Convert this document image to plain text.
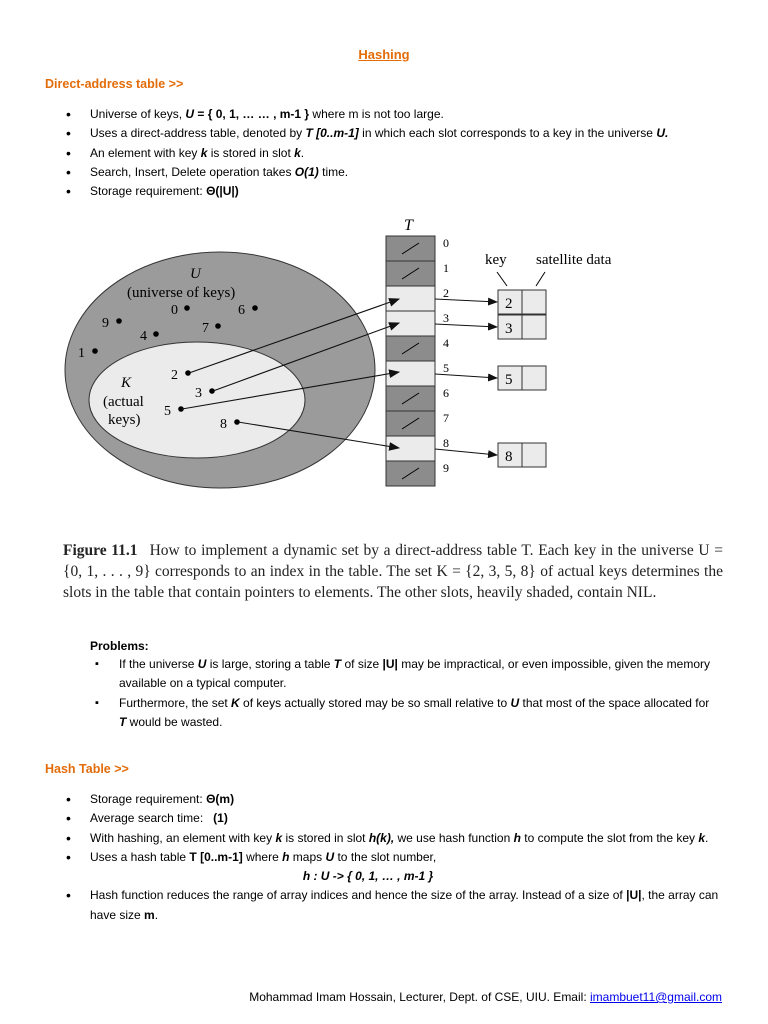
Hashing
Direct-address table >>
• Universe of keys, U = { 0, 1, … … , m-1 } where m is not too large.
• Uses a direct-address table, denoted by T [0..m-1] in which each slot corresponds to a key in the universe U.
• An element with key k is stored in slot k.
• Search, Insert, Delete operation takes O(1) time.
• Storage requirement: Θ(|U|)
U
(universe of keys)
K
(actual
keys)
9
4
0
7
6
1
2
3
5
8
T
0
1
2
3
4
5
6
7
8
9
key satellite data
2
3
5
8
Figure 11.1 How to implement a dynamic set by a direct-address table T. Each key in the universe U = {0, 1, . . . , 9} corresponds to an index in the table. The set K = {2, 3, 5, 8} of actual keys determines the slots in the table that contain pointers to elements. The other slots, heavily shaded, contain NIL.
Problems:
▪ If the universe U is large, storing a table T of size |U| may be impractical, or even impossible, given the memory available on a typical computer.
▪ Furthermore, the set K of keys actually stored may be so small relative to U that most of the space allocated for T would be wasted.
Hash Table >>
• Storage requirement: Θ(m)
• Average search time:   (1)
• With hashing, an element with key k is stored in slot h(k), we use hash function h to compute the slot from the key k.
• Uses a hash table T [0..m-1] where h maps U to the slot number,
h : U -> { 0, 1, … , m-1 }
• Hash function reduces the range of array indices and hence the size of the array. Instead of a size of |U|, the array can have size m.
Mohammad Imam Hossain, Lecturer, Dept. of CSE, UIU. Email: imambuet11@gmail.com
